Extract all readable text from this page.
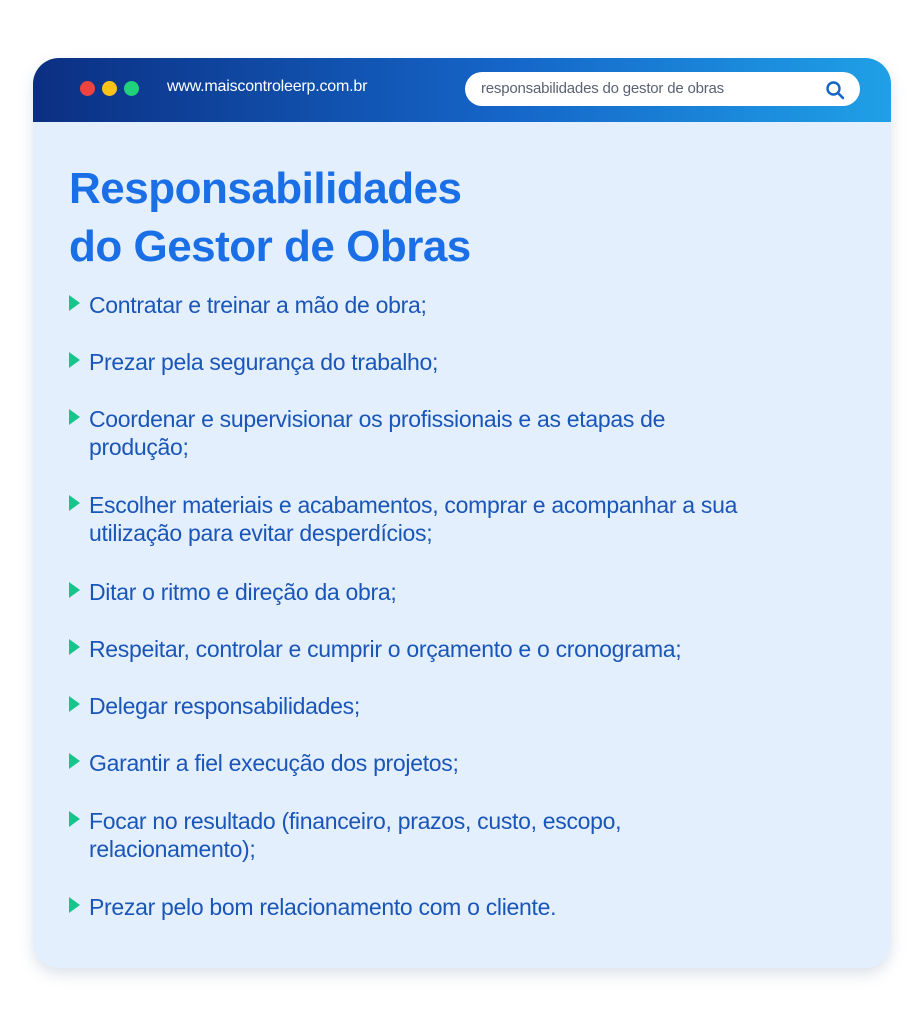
www.maiscontroleerp.com.br	responsabilidades do gestor de obras
Responsabilidades
do Gestor de Obras
Contratar e treinar a mão de obra;
Prezar pela segurança do trabalho;
Coordenar e supervisionar os profissionais e as etapas de produção;
Escolher materiais e acabamentos, comprar e acompanhar a sua utilização para evitar desperdícios;
Ditar o ritmo e direção da obra;
Respeitar, controlar e cumprir o orçamento e o cronograma;
Delegar responsabilidades;
Garantir a fiel execução dos projetos;
Focar no resultado (financeiro, prazos, custo, escopo, relacionamento);
Prezar pelo bom relacionamento com o cliente.
